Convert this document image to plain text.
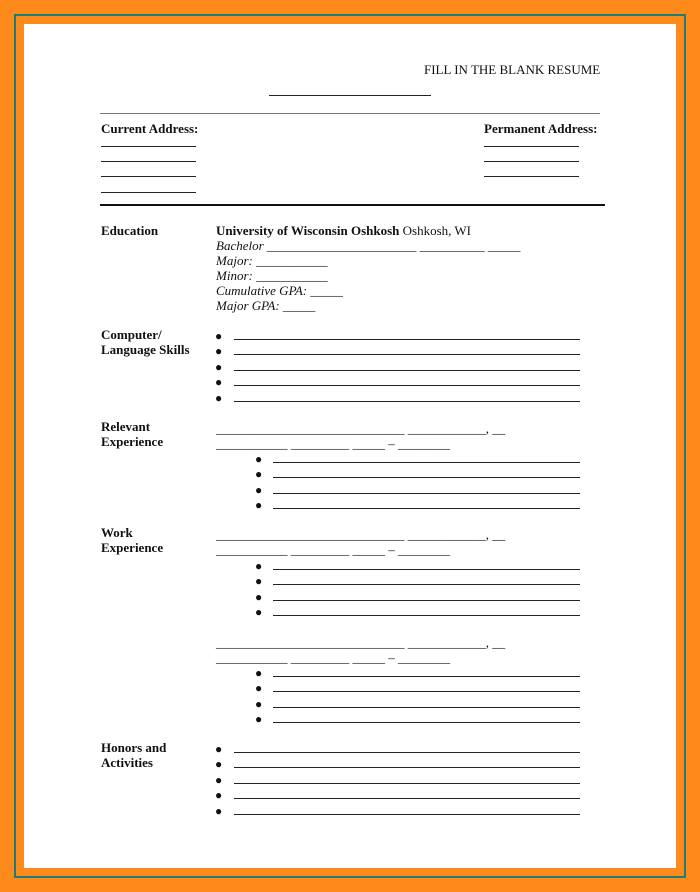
FILL IN THE BLANK RESUME
Current Address:	Permanent Address:
Education	University of Wisconsin Oshkosh Oshkosh, WI
Bachelor _______________________ __________ _____
Major: ___________
Minor: ___________
Cumulative GPA: _____
Major GPA: _____
Computer/
Language Skills
●
●
●
●
●
Relevant
Experience
_____________________________ ____________, __
___________ _________ _____ – ________
●
●
●
●
Work
Experience
_____________________________ ____________, __
___________ _________ _____ – ________
●
●
●
●
_____________________________ ____________, __
___________ _________ _____ – ________
●
●
●
●
Honors and
Activities
●
●
●
●
●
